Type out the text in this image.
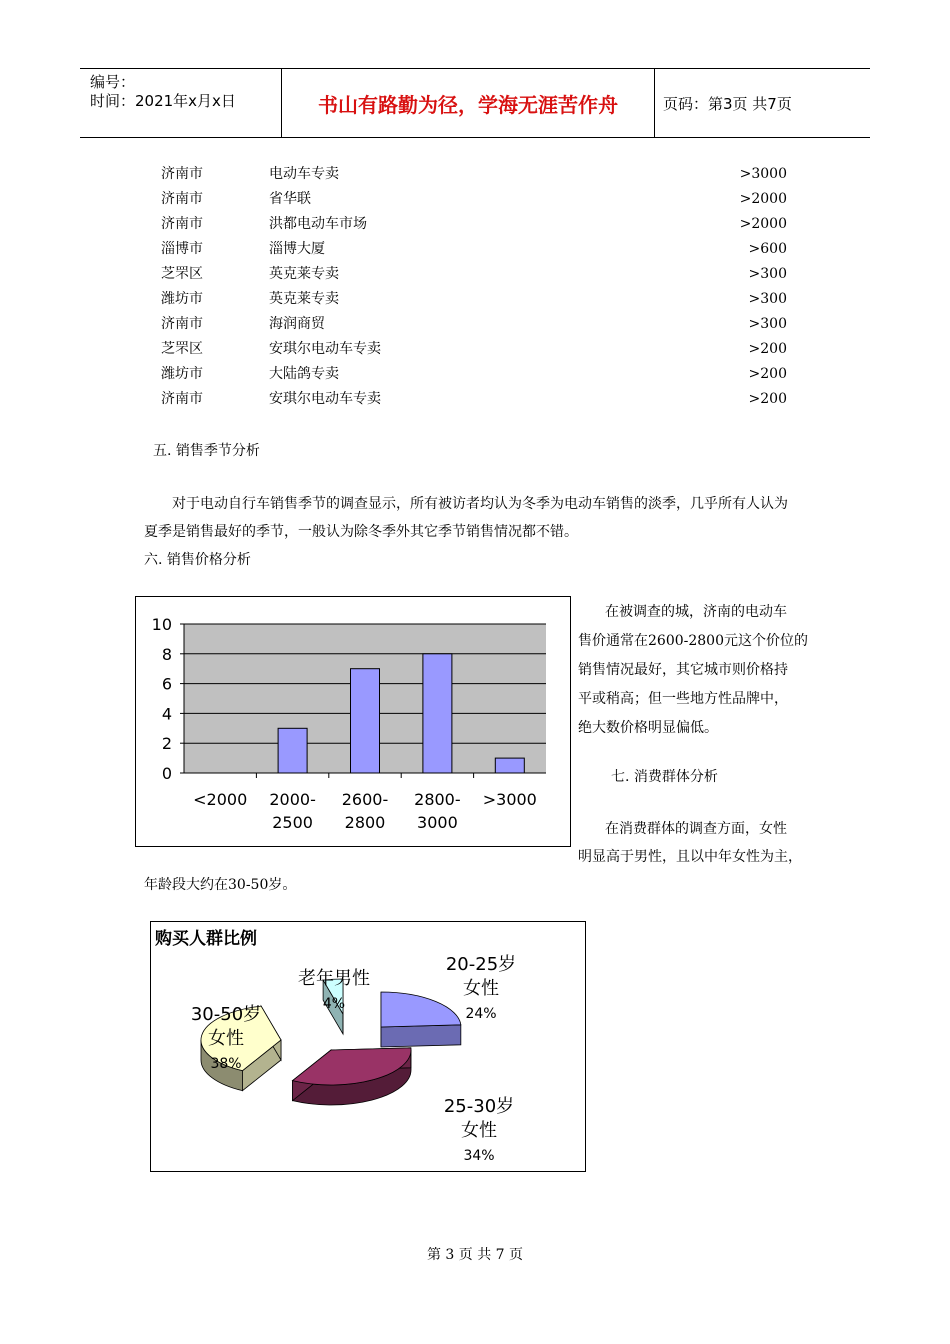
编号：
时间：2021年x月x日	书山有路勤为径，学海无涯苦作舟	页码：第3页 共7页
济南市	电动车专卖	>3000
济南市	省华联	>2000
济南市	洪都电动车市场	>2000
淄博市	淄博大厦	>600
芝罘区	英克莱专卖	>300
潍坊市	英克莱专卖	>300
济南市	海润商贸	>300
芝罘区	安琪尔电动车专卖	>200
潍坊市	大陆鸽专卖	>200
济南市	安琪尔电动车专卖	>200
五. 销售季节分析
对于电动自行车销售季节的调查显示，所有被访者均认为冬季为电动车销售的淡季，几乎所有人认为
夏季是销售最好的季节，一般认为除冬季外其它季节销售情况都不错。
六. 销售价格分析
0
2
4
6
8
10
<2000 2000-
2500
2600-
2800
2800-
3000
>3000
在被调查的城，济南的电动车
售价通常在2600-2800元这个价位的
销售情况最好，其它城市则价格持
平或稍高；但一些地方性品牌中，
绝大数价格明显偏低。
七. 消费群体分析
在消费群体的调查方面，女性
明显高于男性，且以中年女性为主，
年龄段大约在30-50岁。
购买人群比例
20-25岁
女性
24%
25-30岁
女性
34%
30-50岁
女性
38%
老年男性
4%
第 3 页 共 7 页
